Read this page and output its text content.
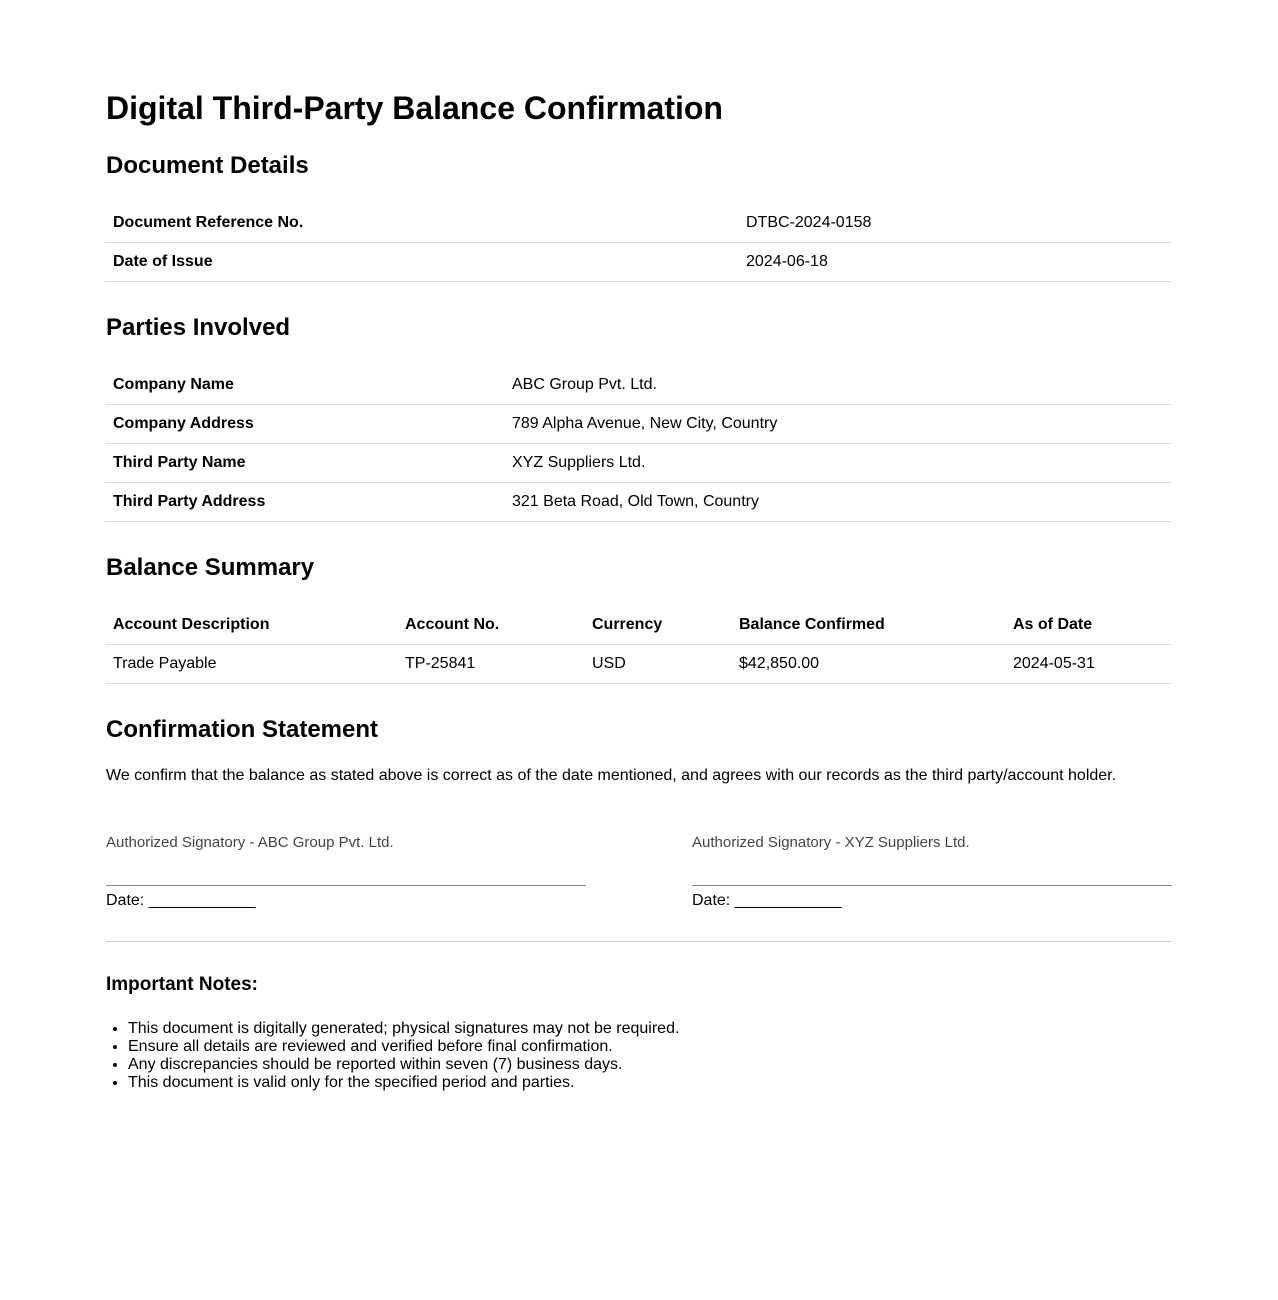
Digital Third-Party Balance Confirmation
Document Details
Document Reference No.	DTBC-2024-0158
Date of Issue	2024-06-18
Parties Involved
Company Name	ABC Group Pvt. Ltd.
Company Address	789 Alpha Avenue, New City, Country
Third Party Name	XYZ Suppliers Ltd.
Third Party Address	321 Beta Road, Old Town, Country
Balance Summary
Account Description	Account No.	Currency	Balance Confirmed	As of Date
Trade Payable	TP-25841	USD	$42,850.00	2024-05-31
Confirmation Statement
We confirm that the balance as stated above is correct as of the date mentioned, and agrees with our records as the third party/account holder.
Authorized Signatory - ABC Group Pvt. Ltd.
Date: ____________
Authorized Signatory - XYZ Suppliers Ltd.
Date: ____________
Important Notes:
• This document is digitally generated; physical signatures may not be required.
• Ensure all details are reviewed and verified before final confirmation.
• Any discrepancies should be reported within seven (7) business days.
• This document is valid only for the specified period and parties.
